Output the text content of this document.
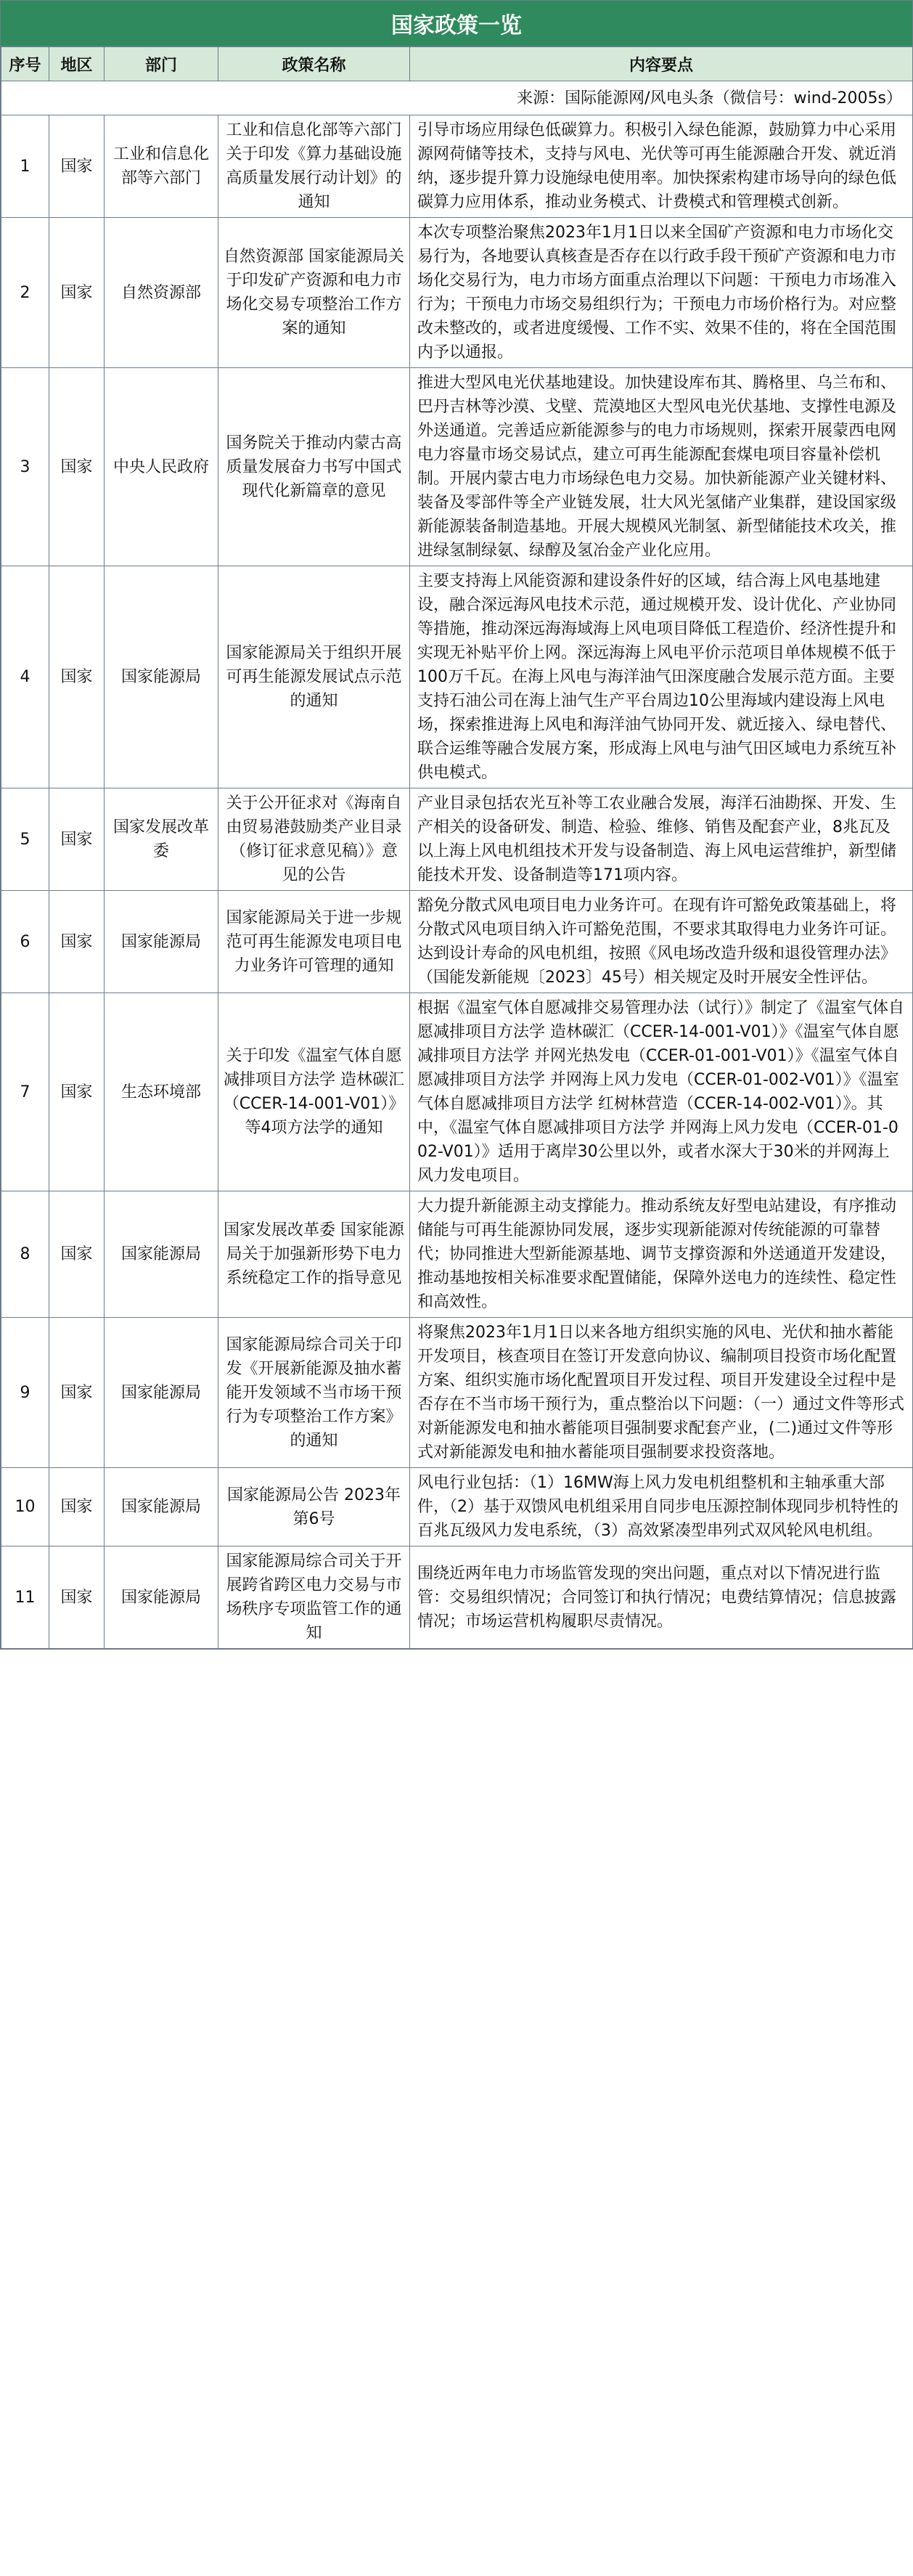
国家政策一览
序号	地区	部门	政策名称	内容要点
来源：国际能源网/风电头条（微信号：wind-2005s）				
1	国家	工业和信息化部等六部门	工业和信息化部等六部门关于印发《算力基础设施高质量发展行动计划》的通知	引导市场应用绿色低碳算力。积极引入绿色能源，鼓励算力中心采用源网荷储等技术，支持与风电、光伏等可再生能源融合开发、就近消纳，逐步提升算力设施绿电使用率。加快探索构建市场导向的绿色低碳算力应用体系，推动业务模式、计费模式和管理模式创新。
2	国家	自然资源部	自然资源部 国家能源局关于印发矿产资源和电力市场化交易专项整治工作方案的通知	本次专项整治聚焦2023年1月1日以来全国矿产资源和电力市场化交易行为，各地要认真核查是否存在以行政手段干预矿产资源和电力市场化交易行为，电力市场方面重点治理以下问题：干预电力市场准入行为；干预电力市场交易组织行为；干预电力市场价格行为。对应整改未整改的，或者进度缓慢、工作不实、效果不佳的，将在全国范围内予以通报。
3	国家	中央人民政府	国务院关于推动内蒙古高质量发展奋力书写中国式现代化新篇章的意见	推进大型风电光伏基地建设。加快建设库布其、腾格里、乌兰布和、巴丹吉林等沙漠、戈壁、荒漠地区大型风电光伏基地、支撑性电源及外送通道。完善适应新能源参与的电力市场规则，探索开展蒙西电网电力容量市场交易试点，建立可再生能源配套煤电项目容量补偿机制。开展内蒙古电力市场绿色电力交易。加快新能源产业关键材料、装备及零部件等全产业链发展，壮大风光氢储产业集群，建设国家级新能源装备制造基地。开展大规模风光制氢、新型储能技术攻关，推进绿氢制绿氨、绿醇及氢冶金产业化应用。
4	国家	国家能源局	国家能源局关于组织开展可再生能源发展试点示范的通知	主要支持海上风能资源和建设条件好的区域，结合海上风电基地建设，融合深远海风电技术示范，通过规模开发、设计优化、产业协同等措施，推动深远海海域海上风电项目降低工程造价、经济性提升和实现无补贴平价上网。深远海海上风电平价示范项目单体规模不低于100万千瓦。在海上风电与海洋油气田深度融合发展示范方面。主要支持石油公司在海上油气生产平台周边10公里海域内建设海上风电场，探索推进海上风电和海洋油气协同开发、就近接入、绿电替代、联合运维等融合发展方案，形成海上风电与油气田区域电力系统互补供电模式。
5	国家	国家发展改革委	关于公开征求对《海南自由贸易港鼓励类产业目录（修订征求意见稿）》意见的公告	产业目录包括农光互补等工农业融合发展，海洋石油勘探、开发、生产相关的设备研发、制造、检验、维修、销售及配套产业，8兆瓦及以上海上风电机组技术开发与设备制造、海上风电运营维护，新型储能技术开发、设备制造等171项内容。
6	国家	国家能源局	国家能源局关于进一步规范可再生能源发电项目电力业务许可管理的通知	豁免分散式风电项目电力业务许可。在现有许可豁免政策基础上，将分散式风电项目纳入许可豁免范围，不要求其取得电力业务许可证。达到设计寿命的风电机组，按照《风电场改造升级和退役管理办法》（国能发新能规〔2023〕45号）相关规定及时开展安全性评估。
7	国家	生态环境部	关于印发《温室气体自愿减排项目方法学 造林碳汇（CCER-14-001-V01）》等4项方法学的通知	根据《温室气体自愿减排交易管理办法（试行）》制定了《温室气体自愿减排项目方法学 造林碳汇（CCER-14-001-V01）》《温室气体自愿减排项目方法学 并网光热发电（CCER-01-001-V01）》《温室气体自愿减排项目方法学 并网海上风力发电（CCER-01-002-V01）》《温室气体自愿减排项目方法学 红树林营造（CCER-14-002-V01）》。其中，《温室气体自愿减排项目方法学 并网海上风力发电（CCER-01-002-V01）》适用于离岸30公里以外，或者水深大于30米的并网海上风力发电项目。
8	国家	国家能源局	国家发展改革委 国家能源局关于加强新形势下电力系统稳定工作的指导意见	大力提升新能源主动支撑能力。推动系统友好型电站建设，有序推动储能与可再生能源协同发展，逐步实现新能源对传统能源的可靠替代；协同推进大型新能源基地、调节支撑资源和外送通道开发建设，推动基地按相关标准要求配置储能，保障外送电力的连续性、稳定性和高效性。
9	国家	国家能源局	国家能源局综合司关于印发《开展新能源及抽水蓄能开发领域不当市场干预行为专项整治工作方案》的通知	将聚焦2023年1月1日以来各地方组织实施的风电、光伏和抽水蓄能开发项目，核查项目在签订开发意向协议、编制项目投资市场化配置方案、组织实施市场化配置项目开发过程、项目开发建设全过程中是否存在不当市场干预行为，重点整治以下问题：（一）通过文件等形式对新能源发电和抽水蓄能项目强制要求配套产业，(二)通过文件等形式对新能源发电和抽水蓄能项目强制要求投资落地。
10	国家	国家能源局	国家能源局公告 2023年第6号	风电行业包括：（1）16MW海上风力发电机组整机和主轴承重大部件，（2）基于双馈风电机组采用自同步电压源控制体现同步机特性的百兆瓦级风力发电系统，（3）高效紧凑型串列式双风轮风电机组。
11	国家	国家能源局	国家能源局综合司关于开展跨省跨区电力交易与市场秩序专项监管工作的通知	围绕近两年电力市场监管发现的突出问题，重点对以下情况进行监管：交易组织情况；合同签订和执行情况；电费结算情况；信息披露情况；市场运营机构履职尽责情况。
